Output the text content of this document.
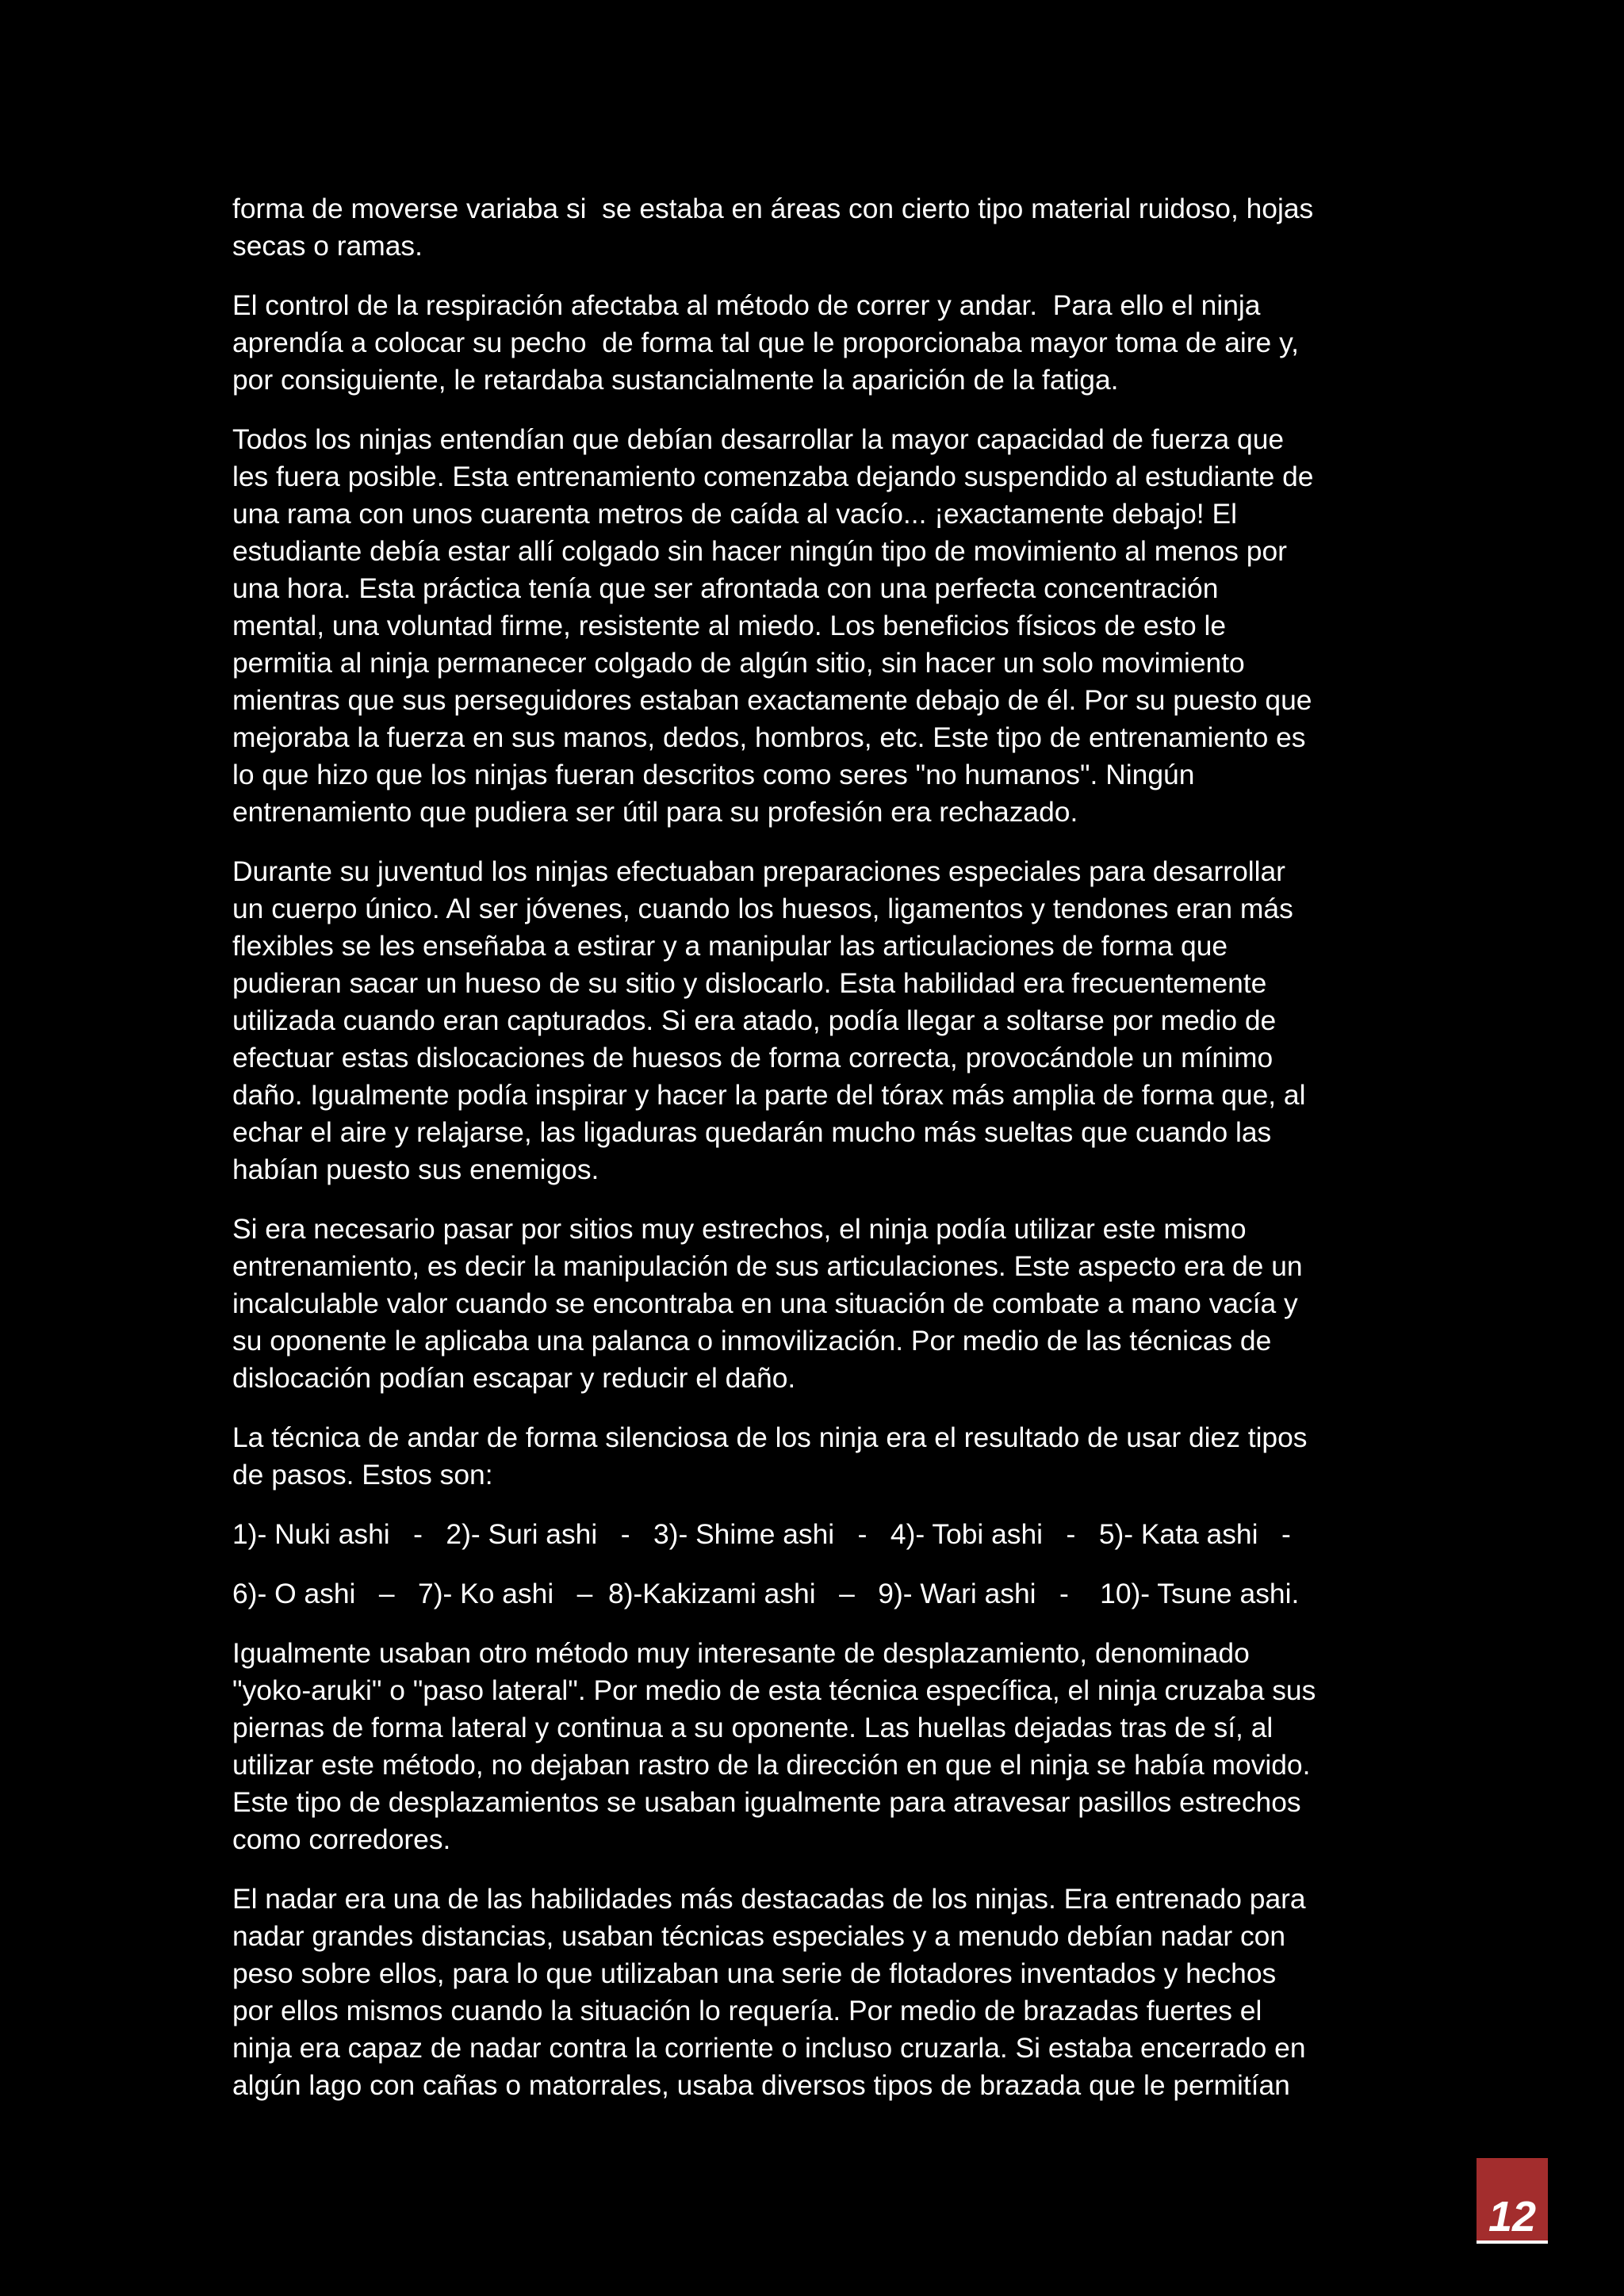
forma de moverse variaba si  se estaba en áreas con cierto tipo material ruidoso, hojas
secas o ramas.

El control de la respiración afectaba al método de correr y andar.  Para ello el ninja
aprendía a colocar su pecho  de forma tal que le proporcionaba mayor toma de aire y,
por consiguiente, le retardaba sustancialmente la aparición de la fatiga.

Todos los ninjas entendían que debían desarrollar la mayor capacidad de fuerza que
les fuera posible. Esta entrenamiento comenzaba dejando suspendido al estudiante de
una rama con unos cuarenta metros de caída al vacío... ¡exactamente debajo! El
estudiante debía estar allí colgado sin hacer ningún tipo de movimiento al menos por
una hora. Esta práctica tenía que ser afrontada con una perfecta concentración
mental, una voluntad firme, resistente al miedo. Los beneficios físicos de esto le
permitia al ninja permanecer colgado de algún sitio, sin hacer un solo movimiento
mientras que sus perseguidores estaban exactamente debajo de él. Por su puesto que
mejoraba la fuerza en sus manos, dedos, hombros, etc. Este tipo de entrenamiento es
lo que hizo que los ninjas fueran descritos como seres "no humanos". Ningún
entrenamiento que pudiera ser útil para su profesión era rechazado.

Durante su juventud los ninjas efectuaban preparaciones especiales para desarrollar
un cuerpo único. Al ser jóvenes, cuando los huesos, ligamentos y tendones eran más
flexibles se les enseñaba a estirar y a manipular las articulaciones de forma que
pudieran sacar un hueso de su sitio y dislocarlo. Esta habilidad era frecuentemente
utilizada cuando eran capturados. Si era atado, podía llegar a soltarse por medio de
efectuar estas dislocaciones de huesos de forma correcta, provocándole un mínimo
daño. Igualmente podía inspirar y hacer la parte del tórax más amplia de forma que, al
echar el aire y relajarse, las ligaduras quedarán mucho más sueltas que cuando las
habían puesto sus enemigos.

Si era necesario pasar por sitios muy estrechos, el ninja podía utilizar este mismo
entrenamiento, es decir la manipulación de sus articulaciones. Este aspecto era de un
incalculable valor cuando se encontraba en una situación de combate a mano vacía y
su oponente le aplicaba una palanca o inmovilización. Por medio de las técnicas de
dislocación podían escapar y reducir el daño.

La técnica de andar de forma silenciosa de los ninja era el resultado de usar diez tipos
de pasos. Estos son:

1)- Nuki ashi   -   2)- Suri ashi   -   3)- Shime ashi   -   4)- Tobi ashi   -   5)- Kata ashi   -

6)- O ashi   –   7)- Ko ashi   –  8)-Kakizami ashi   –   9)- Wari ashi   -    10)- Tsune ashi.

Igualmente usaban otro método muy interesante de desplazamiento, denominado
"yoko-aruki" o "paso lateral". Por medio de esta técnica específica, el ninja cruzaba sus
piernas de forma lateral y continua a su oponente. Las huellas dejadas tras de sí, al
utilizar este método, no dejaban rastro de la dirección en que el ninja se había movido.
Este tipo de desplazamientos se usaban igualmente para atravesar pasillos estrechos
como corredores.

El nadar era una de las habilidades más destacadas de los ninjas. Era entrenado para
nadar grandes distancias, usaban técnicas especiales y a menudo debían nadar con
peso sobre ellos, para lo que utilizaban una serie de flotadores inventados y hechos
por ellos mismos cuando la situación lo requería. Por medio de brazadas fuertes el
ninja era capaz de nadar contra la corriente o incluso cruzarla. Si estaba encerrado en
algún lago con cañas o matorrales, usaba diversos tipos de brazada que le permitían

12
